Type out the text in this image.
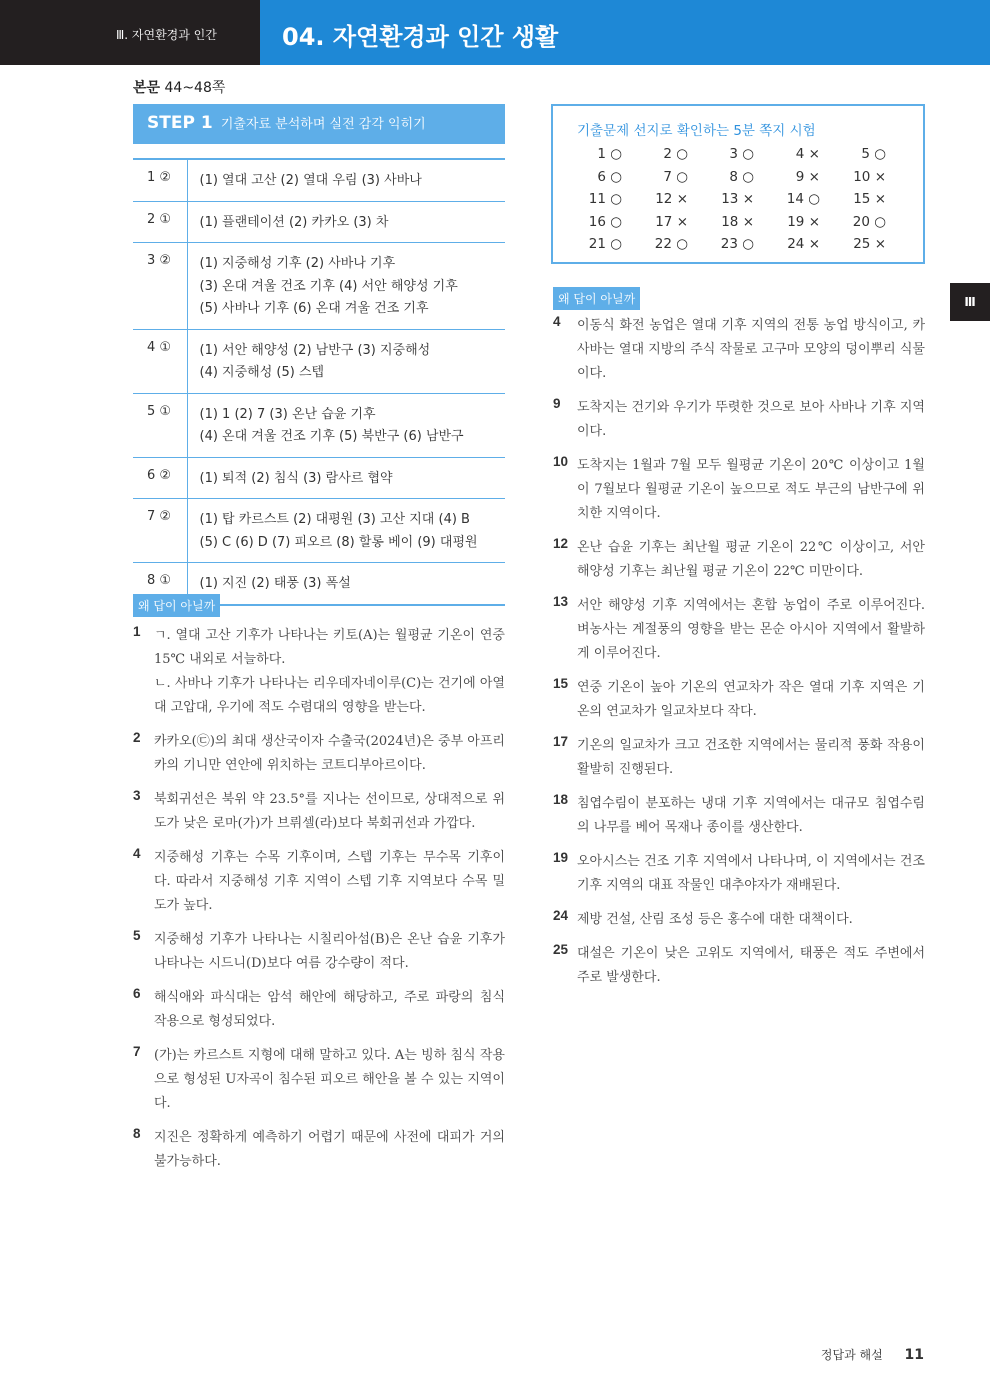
Ⅲ. 자연환경과 인간	04. 자연환경과 인간 생활
본문 44~48쪽
STEP 1 기출자료 분석하며 실전 감각 익히기
1 ②	(1) 열대 고산 (2) 열대 우림 (3) 사바나

2 ①	(1) 플랜테이션 (2) 카카오 (3) 차

3 ②	(1) 지중해성 기후 (2) 사바나 기후
(3) 온대 겨울 건조 기후 (4) 서안 해양성 기후
(5) 사바나 기후 (6) 온대 겨울 건조 기후

4 ①	(1) 서안 해양성 (2) 남반구 (3) 지중해성
(4) 지중해성 (5) 스텝

5 ①	(1) 1 (2) 7 (3) 온난 습윤 기후
(4) 온대 겨울 건조 기후 (5) 북반구 (6) 남반구

6 ②	(1) 퇴적 (2) 침식 (3) 람사르 협약

7 ②	(1) 탑 카르스트 (2) 대평원 (3) 고산 지대 (4) B
(5) C (6) D (7) 피오르 (8) 할롱 베이 (9) 대평원

8 ①	(1) 지진 (2) 태풍 (3) 폭설
왜 답이 아닐까
1	ㄱ. 열대 고산 기후가 나타나는 키토(A)는 월평균 기온이 연중 15℃ 내외로 서늘하다.

ㄴ. 사바나 기후가 나타나는 리우데자네이루(C)는 건기에 아열대 고압대, 우기에 적도 수렴대의 영향을 받는다.

2	카카오(㉢)의 최대 생산국이자 수출국(2024년)은 중부 아프리카의 기니만 연안에 위치하는 코트디부아르이다.

3	북회귀선은 북위 약 23.5°를 지나는 선이므로, 상대적으로 위도가 낮은 로마(가)가 브뤼셀(라)보다 북회귀선과 가깝다.

4	지중해성 기후는 수목 기후이며, 스텝 기후는 무수목 기후이다. 따라서 지중해성 기후 지역이 스텝 기후 지역보다 수목 밀도가 높다.

5	지중해성 기후가 나타나는 시칠리아섬(B)은 온난 습윤 기후가 나타나는 시드니(D)보다 여름 강수량이 적다.

6	해식애와 파식대는 암석 해안에 해당하고, 주로 파랑의 침식 작용으로 형성되었다.

7	(가)는 카르스트 지형에 대해 말하고 있다. A는 빙하 침식 작용으로 형성된 U자곡이 침수된 피오르 해안을 볼 수 있는 지역이다.

8	지진은 정확하게 예측하기 어렵기 때문에 사전에 대피가 거의 불가능하다.

기출문제 선지로 확인하는 5분 쪽지 시험
1 ○	2 ○	3 ○	4 ×	5 ○
6 ○	7 ○	8 ○	9 ×	10 ×
11 ○	12 ×	13 ×	14 ○	15 ×
16 ○	17 ×	18 ×	19 ×	20 ○
21 ○	22 ○	23 ○	24 ×	25 ×
왜 답이 아닐까
4	이동식 화전 농업은 열대 기후 지역의 전통 농업 방식이고, 카사바는 열대 지방의 주식 작물로 고구마 모양의 덩이뿌리 식물이다.

9	도착지는 건기와 우기가 뚜렷한 것으로 보아 사바나 기후 지역이다.

10 도착지는 1월과 7월 모두 월평균 기온이 20℃ 이상이고 1월이 7월보다 월평균 기온이 높으므로 적도 부근의 남반구에 위치한 지역이다.

12 온난 습윤 기후는 최난월 평균 기온이 22℃ 이상이고, 서안 해양성 기후는 최난월 평균 기온이 22℃ 미만이다.

13 서안 해양성 기후 지역에서는 혼합 농업이 주로 이루어진다. 벼농사는 계절풍의 영향을 받는 몬순 아시아 지역에서 활발하게 이루어진다.

15 연중 기온이 높아 기온의 연교차가 작은 열대 기후 지역은 기온의 연교차가 일교차보다 작다.

17 기온의 일교차가 크고 건조한 지역에서는 물리적 풍화 작용이 활발히 진행된다.

18 침엽수림이 분포하는 냉대 기후 지역에서는 대규모 침엽수림의 나무를 베어 목재나 종이를 생산한다.

19 오아시스는 건조 기후 지역에서 나타나며, 이 지역에서는 건조 기후 지역의 대표 작물인 대추야자가 재배된다.

24 제방 건설, 산림 조성 등은 홍수에 대한 대책이다.

25 대설은 기온이 낮은 고위도 지역에서, 태풍은 적도 주변에서 주로 발생한다.

Ⅲ
정답과 해설 11
